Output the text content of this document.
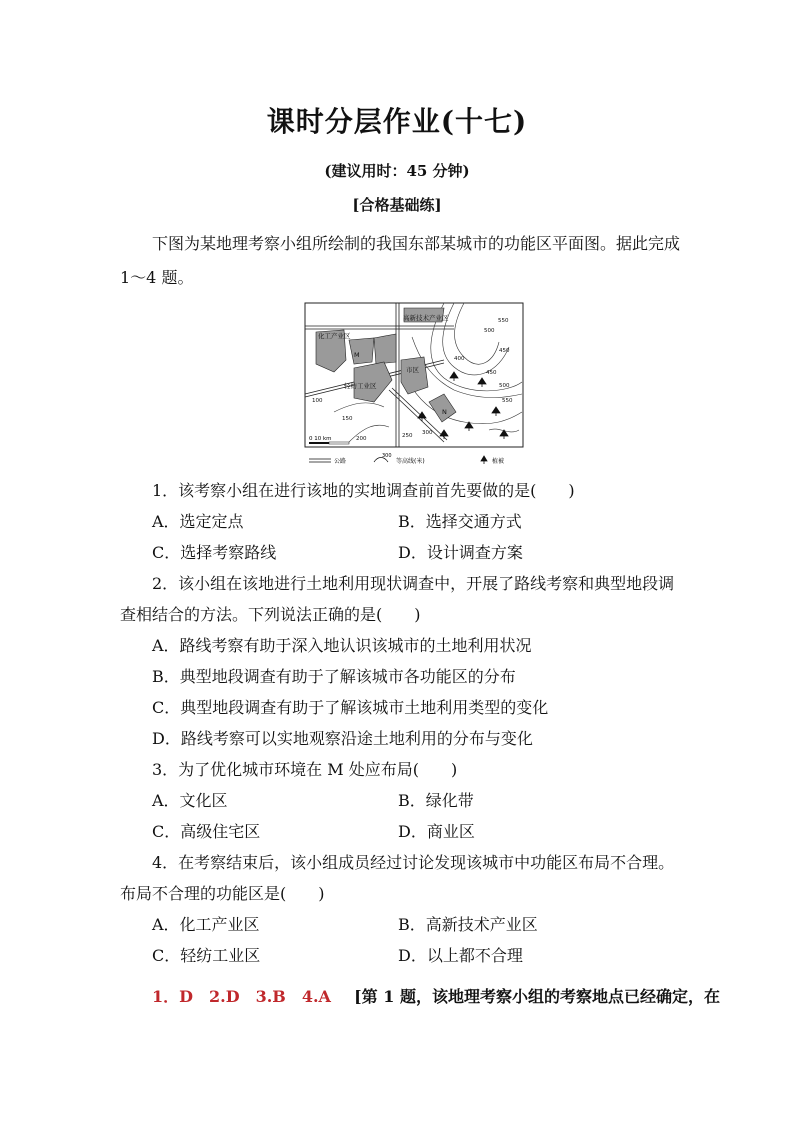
课时分层作业(十七)
(建议用时：45 分钟)
[合格基础练]
下图为某地理考察小组所绘制的我国东部某城市的功能区平面图。据此完成
1～4 题。
高新技术产业区
化工产业区
M
市区
轻纺工业区
N
550
500
450
400
450
500
550
100
150
200	250 300
0 10 km
公路
300
等高线(米)	植被
1．该考察小组在进行该地的实地调查前首先要做的是(　　)
A．选定定点	B．选择交通方式
C．选择考察路线	D．设计调查方案
2．该小组在该地进行土地利用现状调查中，开展了路线考察和典型地段调
查相结合的方法。下列说法正确的是(　　)
A．路线考察有助于深入地认识该城市的土地利用状况
B．典型地段调查有助于了解该城市各功能区的分布
C．典型地段调查有助于了解该城市土地利用类型的变化
D．路线考察可以实地观察沿途土地利用的分布与变化
3．为了优化城市环境在 M 处应布局(　　)
A．文化区	B．绿化带
C．高级住宅区	D．商业区
4．在考察结束后，该小组成员经过讨论发现该城市中功能区布局不合理。
布局不合理的功能区是(　　)
A．化工产业区	B．高新技术产业区
C．轻纺工业区	D．以上都不合理
1．D　2.D　3.B　4.A [第 1 题，该地理考察小组的考察地点已经确定，在
